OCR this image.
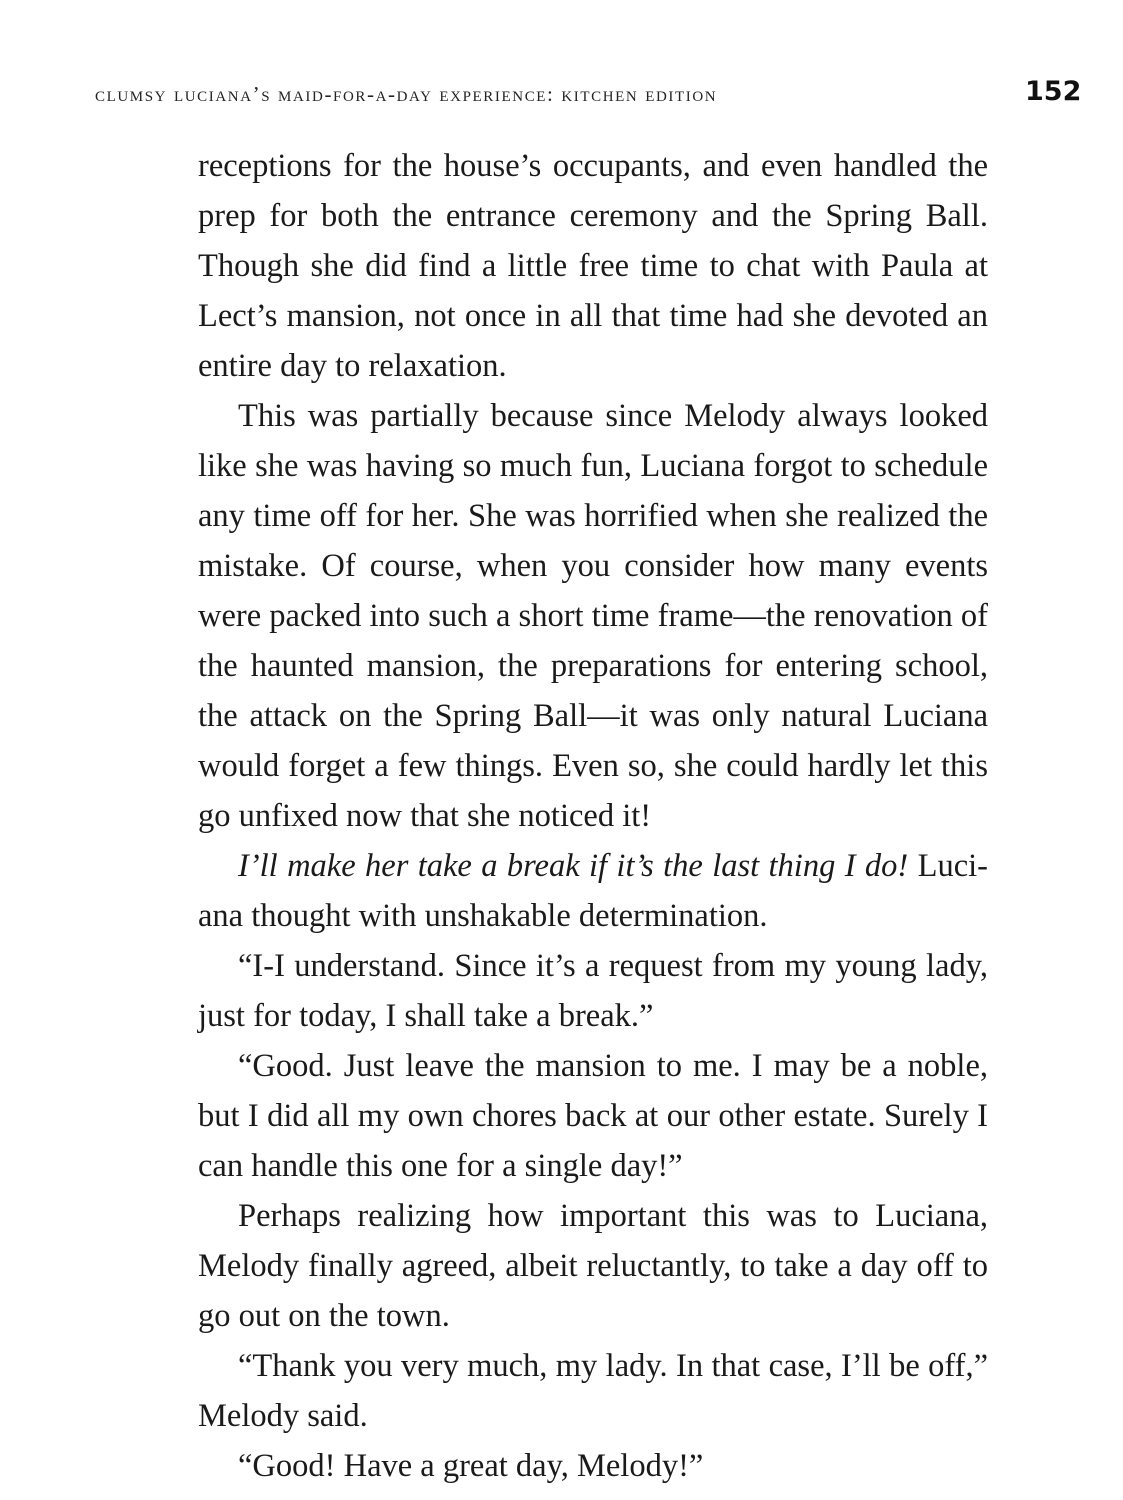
clumsy luciana’s maid-for-a-day experience: kitchen edition	152

receptions for the house’s occupants, and even handled the prep for both the entrance ceremony and the Spring Ball. Though she did find a little free time to chat with Paula at Lect’s mansion, not once in all that time had she devoted an entire day to relaxation.

This was partially because since Melody always looked like she was having so much fun, Luciana forgot to schedule any time off for her. She was horrified when she realized the mistake. Of course, when you consider how many events were packed into such a short time frame—the renovation of the haunted mansion, the preparations for entering school, the attack on the Spring Ball—it was only natural Luciana would forget a few things. Even so, she could hardly let this go unfixed now that she noticed it!

I’ll make her take a break if it’s the last thing I do! Luciana thought with unshakable determination.

“I-I understand. Since it’s a request from my young lady, just for today, I shall take a break.”

“Good. Just leave the mansion to me. I may be a noble, but I did all my own chores back at our other estate. Surely I can handle this one for a single day!”

Perhaps realizing how important this was to Luciana, Melody finally agreed, albeit reluctantly, to take a day off to go out on the town.

“Thank you very much, my lady. In that case, I’ll be off,” Melody said.

“Good! Have a great day, Melody!”
